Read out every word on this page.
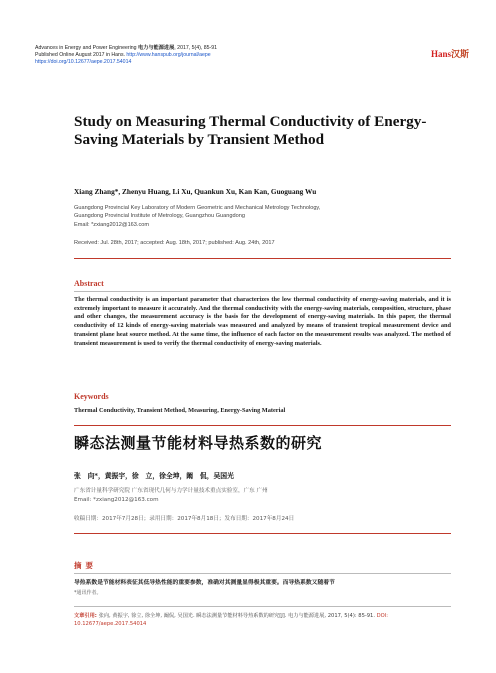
Advances in Energy and Power Engineering 电力与能源进展, 2017, 5(4), 85-91
Published Online August 2017 in Hans. http://www.hanspub.org/journal/aepe
https://doi.org/10.12677/aepe.2017.54014
Hans汉斯
Study on Measuring Thermal Conductivity of Energy-Saving Materials by Transient Method
Xiang Zhang*, Zhenyu Huang, Li Xu, Quankun Xu, Kan Kan, Guoguang Wu
Guangdong Provincial Key Laboratory of Modern Geometric and Mechanical Metrology Technology,
Guangdong Provincial Institute of Metrology, Guangzhou Guangdong
Email: *zxiang2012@163.com
Received: Jul. 28th, 2017; accepted: Aug. 18th, 2017; published: Aug. 24th, 2017
Abstract
The thermal conductivity is an important parameter that characterizes the low thermal conductivity of energy-saving materials, and it is extremely important to measure it accurately. And the thermal conductivity with the energy-saving materials, composition, structure, phase and other changes, the measurement accuracy is the basis for the development of energy-saving materials. In this paper, the thermal conductivity of 12 kinds of energy-saving materials was measured and analyzed by means of transient tropical measurement device and transient plane heat source method. At the same time, the influence of each factor on the measurement results was analyzed. The method of transient measurement is used to verify the thermal conductivity of energy-saving materials.
Keywords
Thermal Conductivity, Transient Method, Measuring, Energy-Saving Material
瞬态法测量节能材料导热系数的研究
张　向*，黄振宇，徐　立，徐全坤，阚　侃，吴国光
广东省计量科学研究院 广东省现代几何与力学计量技术重点实验室，广东 广州
Email: *zxiang2012@163.com
收稿日期：2017年7月28日；录用日期：2017年8月18日；发布日期：2017年8月24日
摘要
导热系数是节能材料表征其低导热性能的重要参数，准确对其测量显得极其重要。而导热系数又随着节
*通讯作者。
文章引用: 张向, 黄振宇, 徐立, 徐全坤, 阚侃, 吴国光. 瞬态法测量节能材料导热系数的研究[J]. 电力与能源进展, 2017, 5(4): 85-91. DOI: 10.12677/aepe.2017.54014
